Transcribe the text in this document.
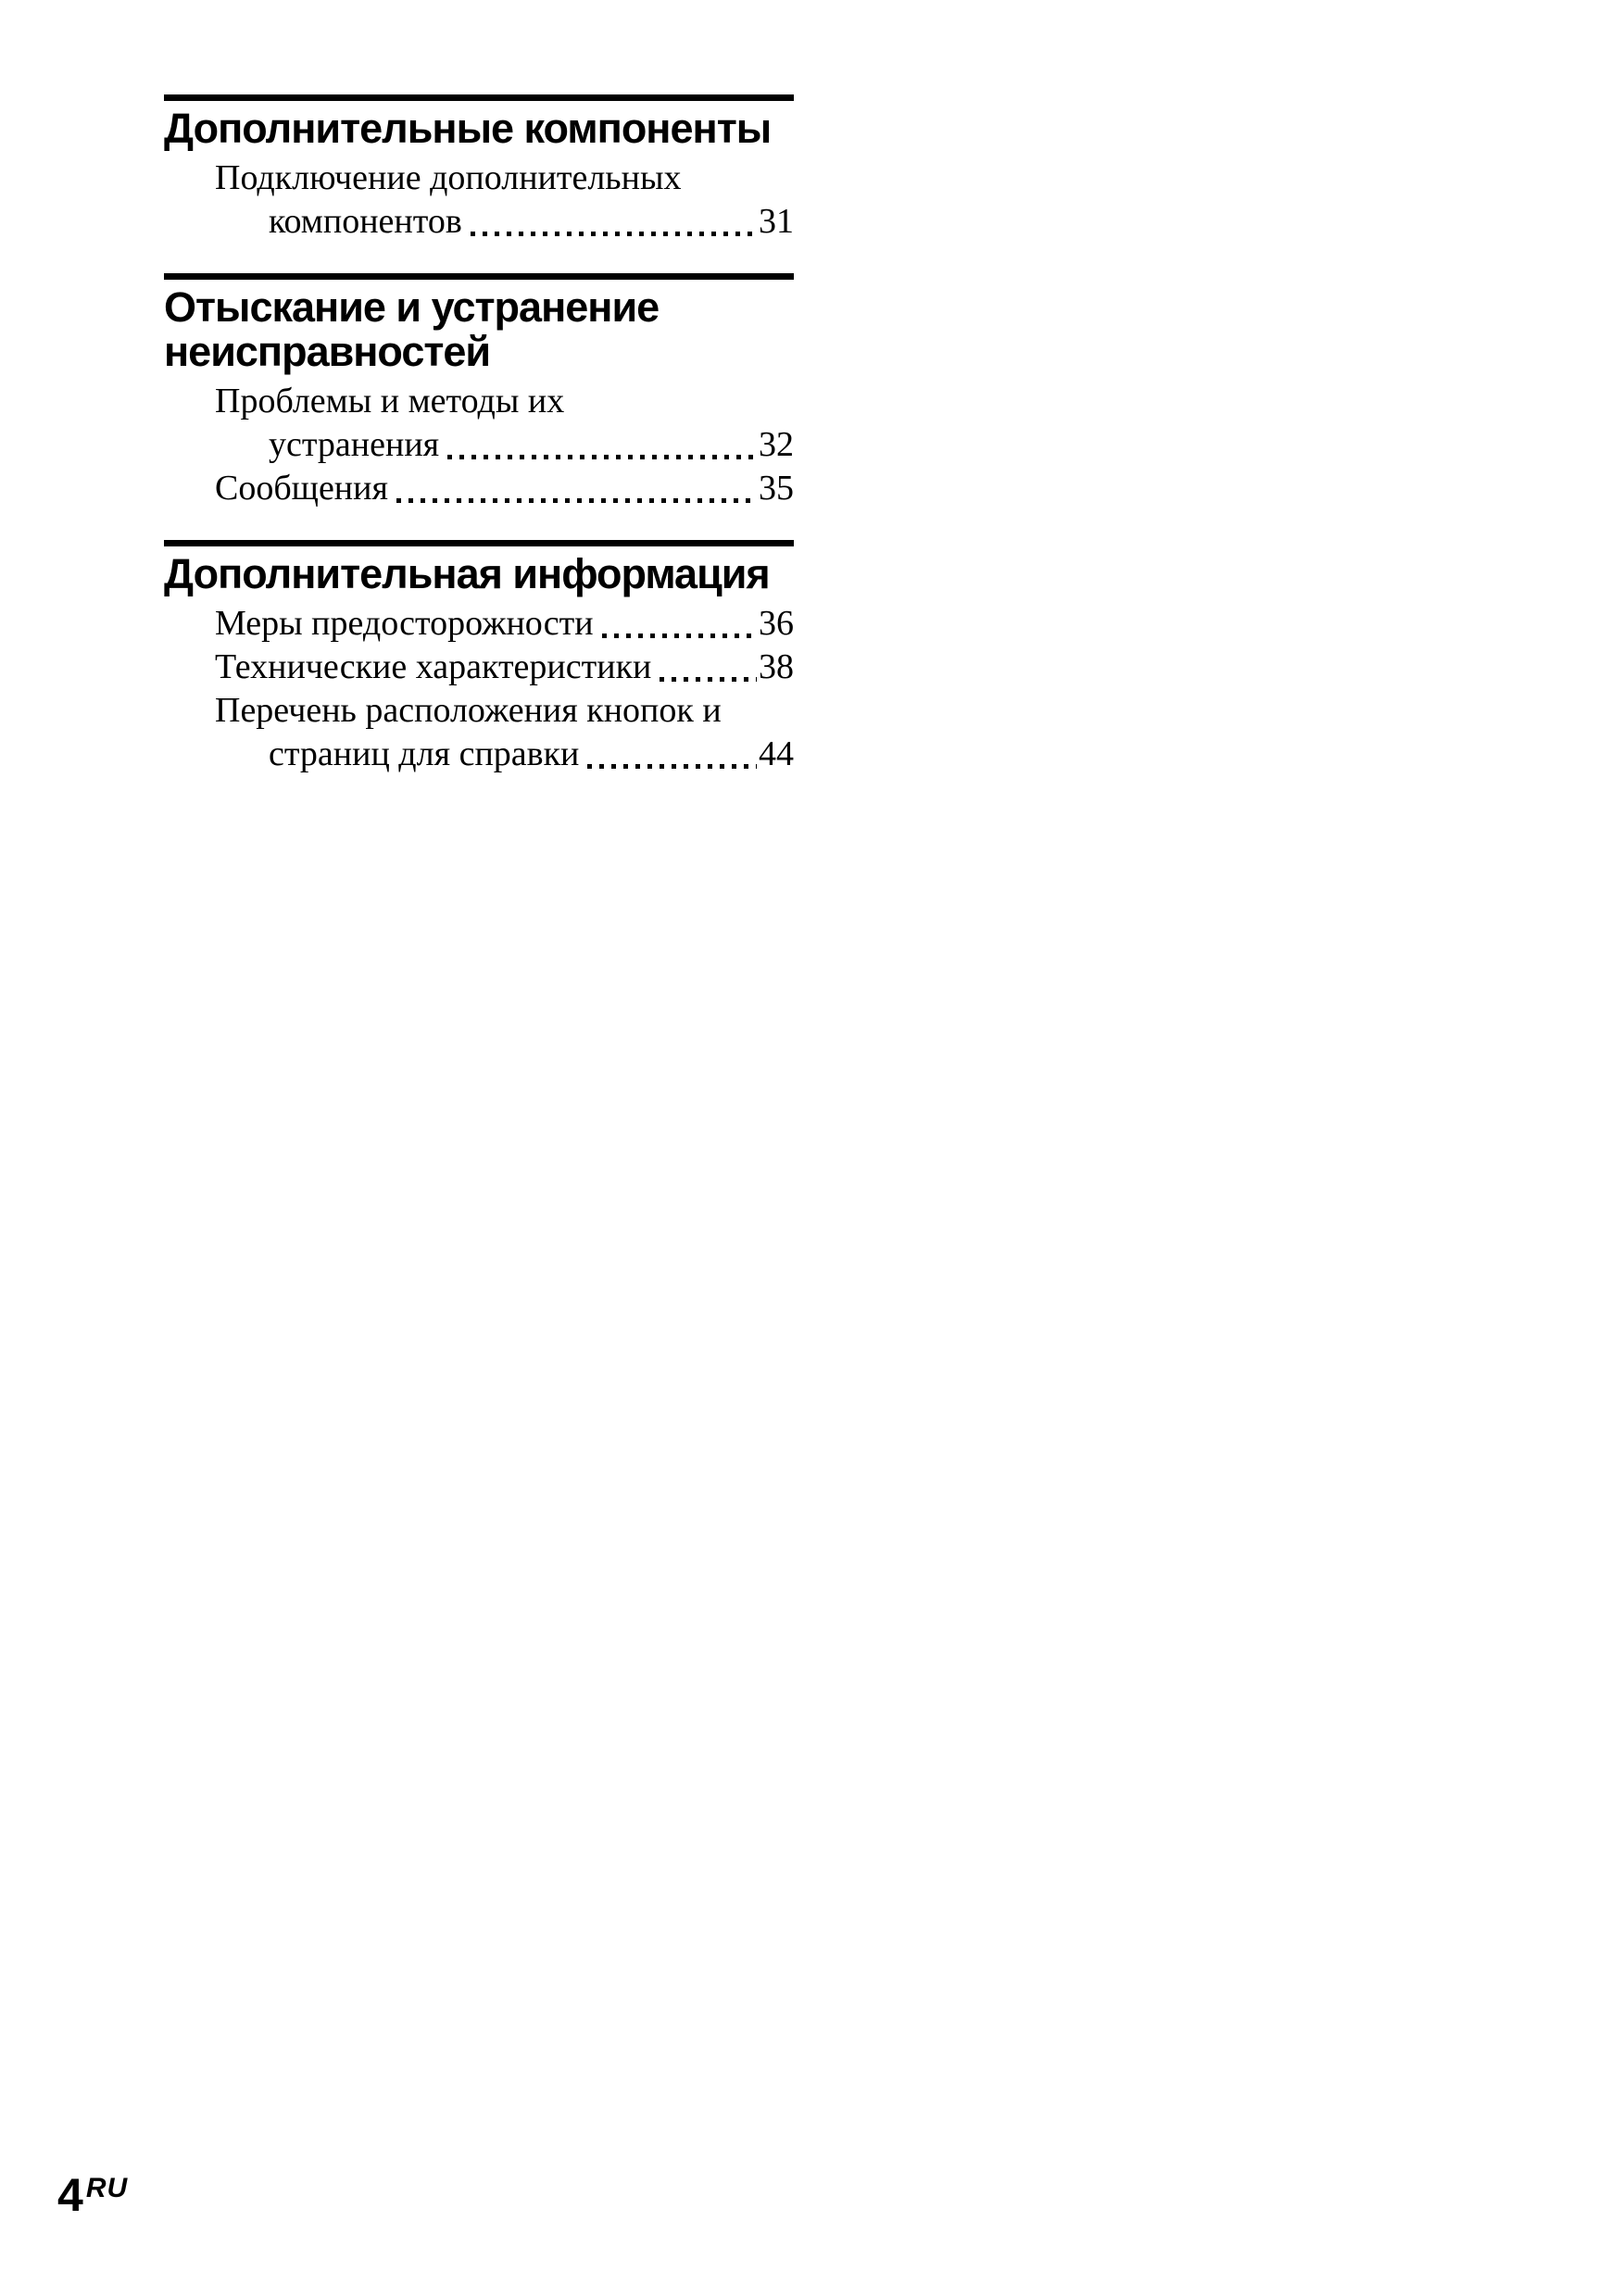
Дополнительные компоненты
Подключение дополнительных
компонентов	31
Отыскание и устранение
неисправностей
Проблемы и методы их
устранения	32
Сообщения	35
Дополнительная информация
Меры предосторожности	36
Технические характеристики	38
Перечень расположения кнопок и
страниц для справки	44
4 RU
